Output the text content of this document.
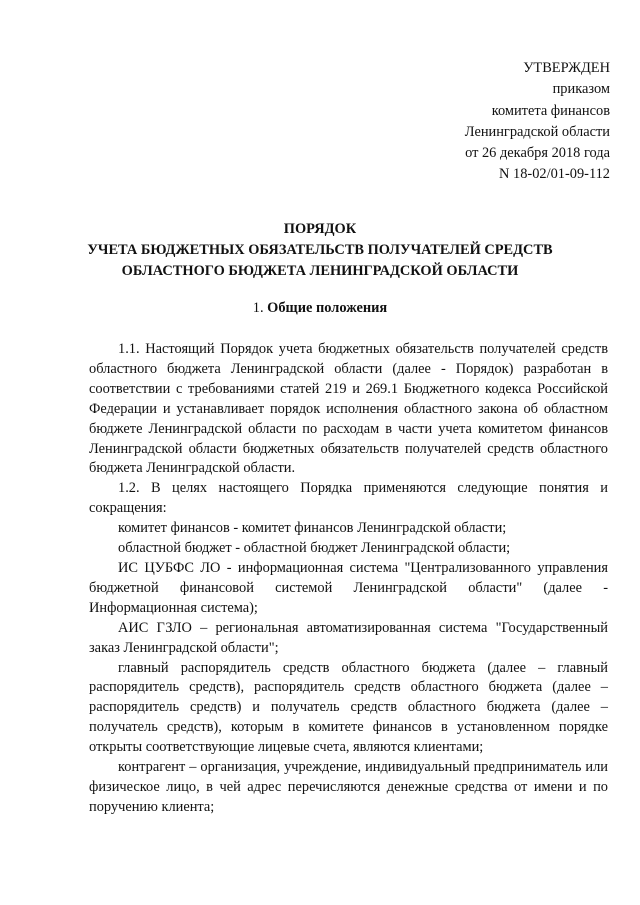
УТВЕРЖДЕН
приказом
комитета финансов
Ленинградской области
от 26 декабря 2018 года
N 18-02/01-09-112
ПОРЯДОК
УЧЕТА БЮДЖЕТНЫХ ОБЯЗАТЕЛЬСТВ ПОЛУЧАТЕЛЕЙ СРЕДСТВ
ОБЛАСТНОГО БЮДЖЕТА ЛЕНИНГРАДСКОЙ ОБЛАСТИ
1. Общие положения

1.1. Настоящий Порядок учета бюджетных обязательств получателей средств областного бюджета Ленинградской области (далее - Порядок) разработан в соответствии с требованиями статей 219 и 269.1 Бюджетного кодекса Российской Федерации и устанавливает порядок исполнения областного закона об областном бюджете Ленинградской области по расходам в части учета комитетом финансов Ленинградской области бюджетных обязательств получателей средств областного бюджета Ленинградской области.

1.2. В целях настоящего Порядка применяются следующие понятия и сокращения:

комитет финансов - комитет финансов Ленинградской области;

областной бюджет - областной бюджет Ленинградской области;

ИС ЦУБФС ЛО - информационная система "Централизованного управления бюджетной финансовой системой Ленинградской области" (далее -

Информационная система);

АИС ГЗЛО – региональная автоматизированная система "Государственный заказ Ленинградской области";

главный распорядитель средств областного бюджета (далее – главный распорядитель средств), распорядитель средств областного бюджета (далее – распорядитель средств) и получатель средств областного бюджета (далее – получатель средств), которым в комитете финансов в установленном порядке открыты соответствующие лицевые счета, являются клиентами;

контрагент – организация, учреждение, индивидуальный предприниматель или физическое лицо, в чей адрес перечисляются денежные средства от имени и по поручению клиента;
